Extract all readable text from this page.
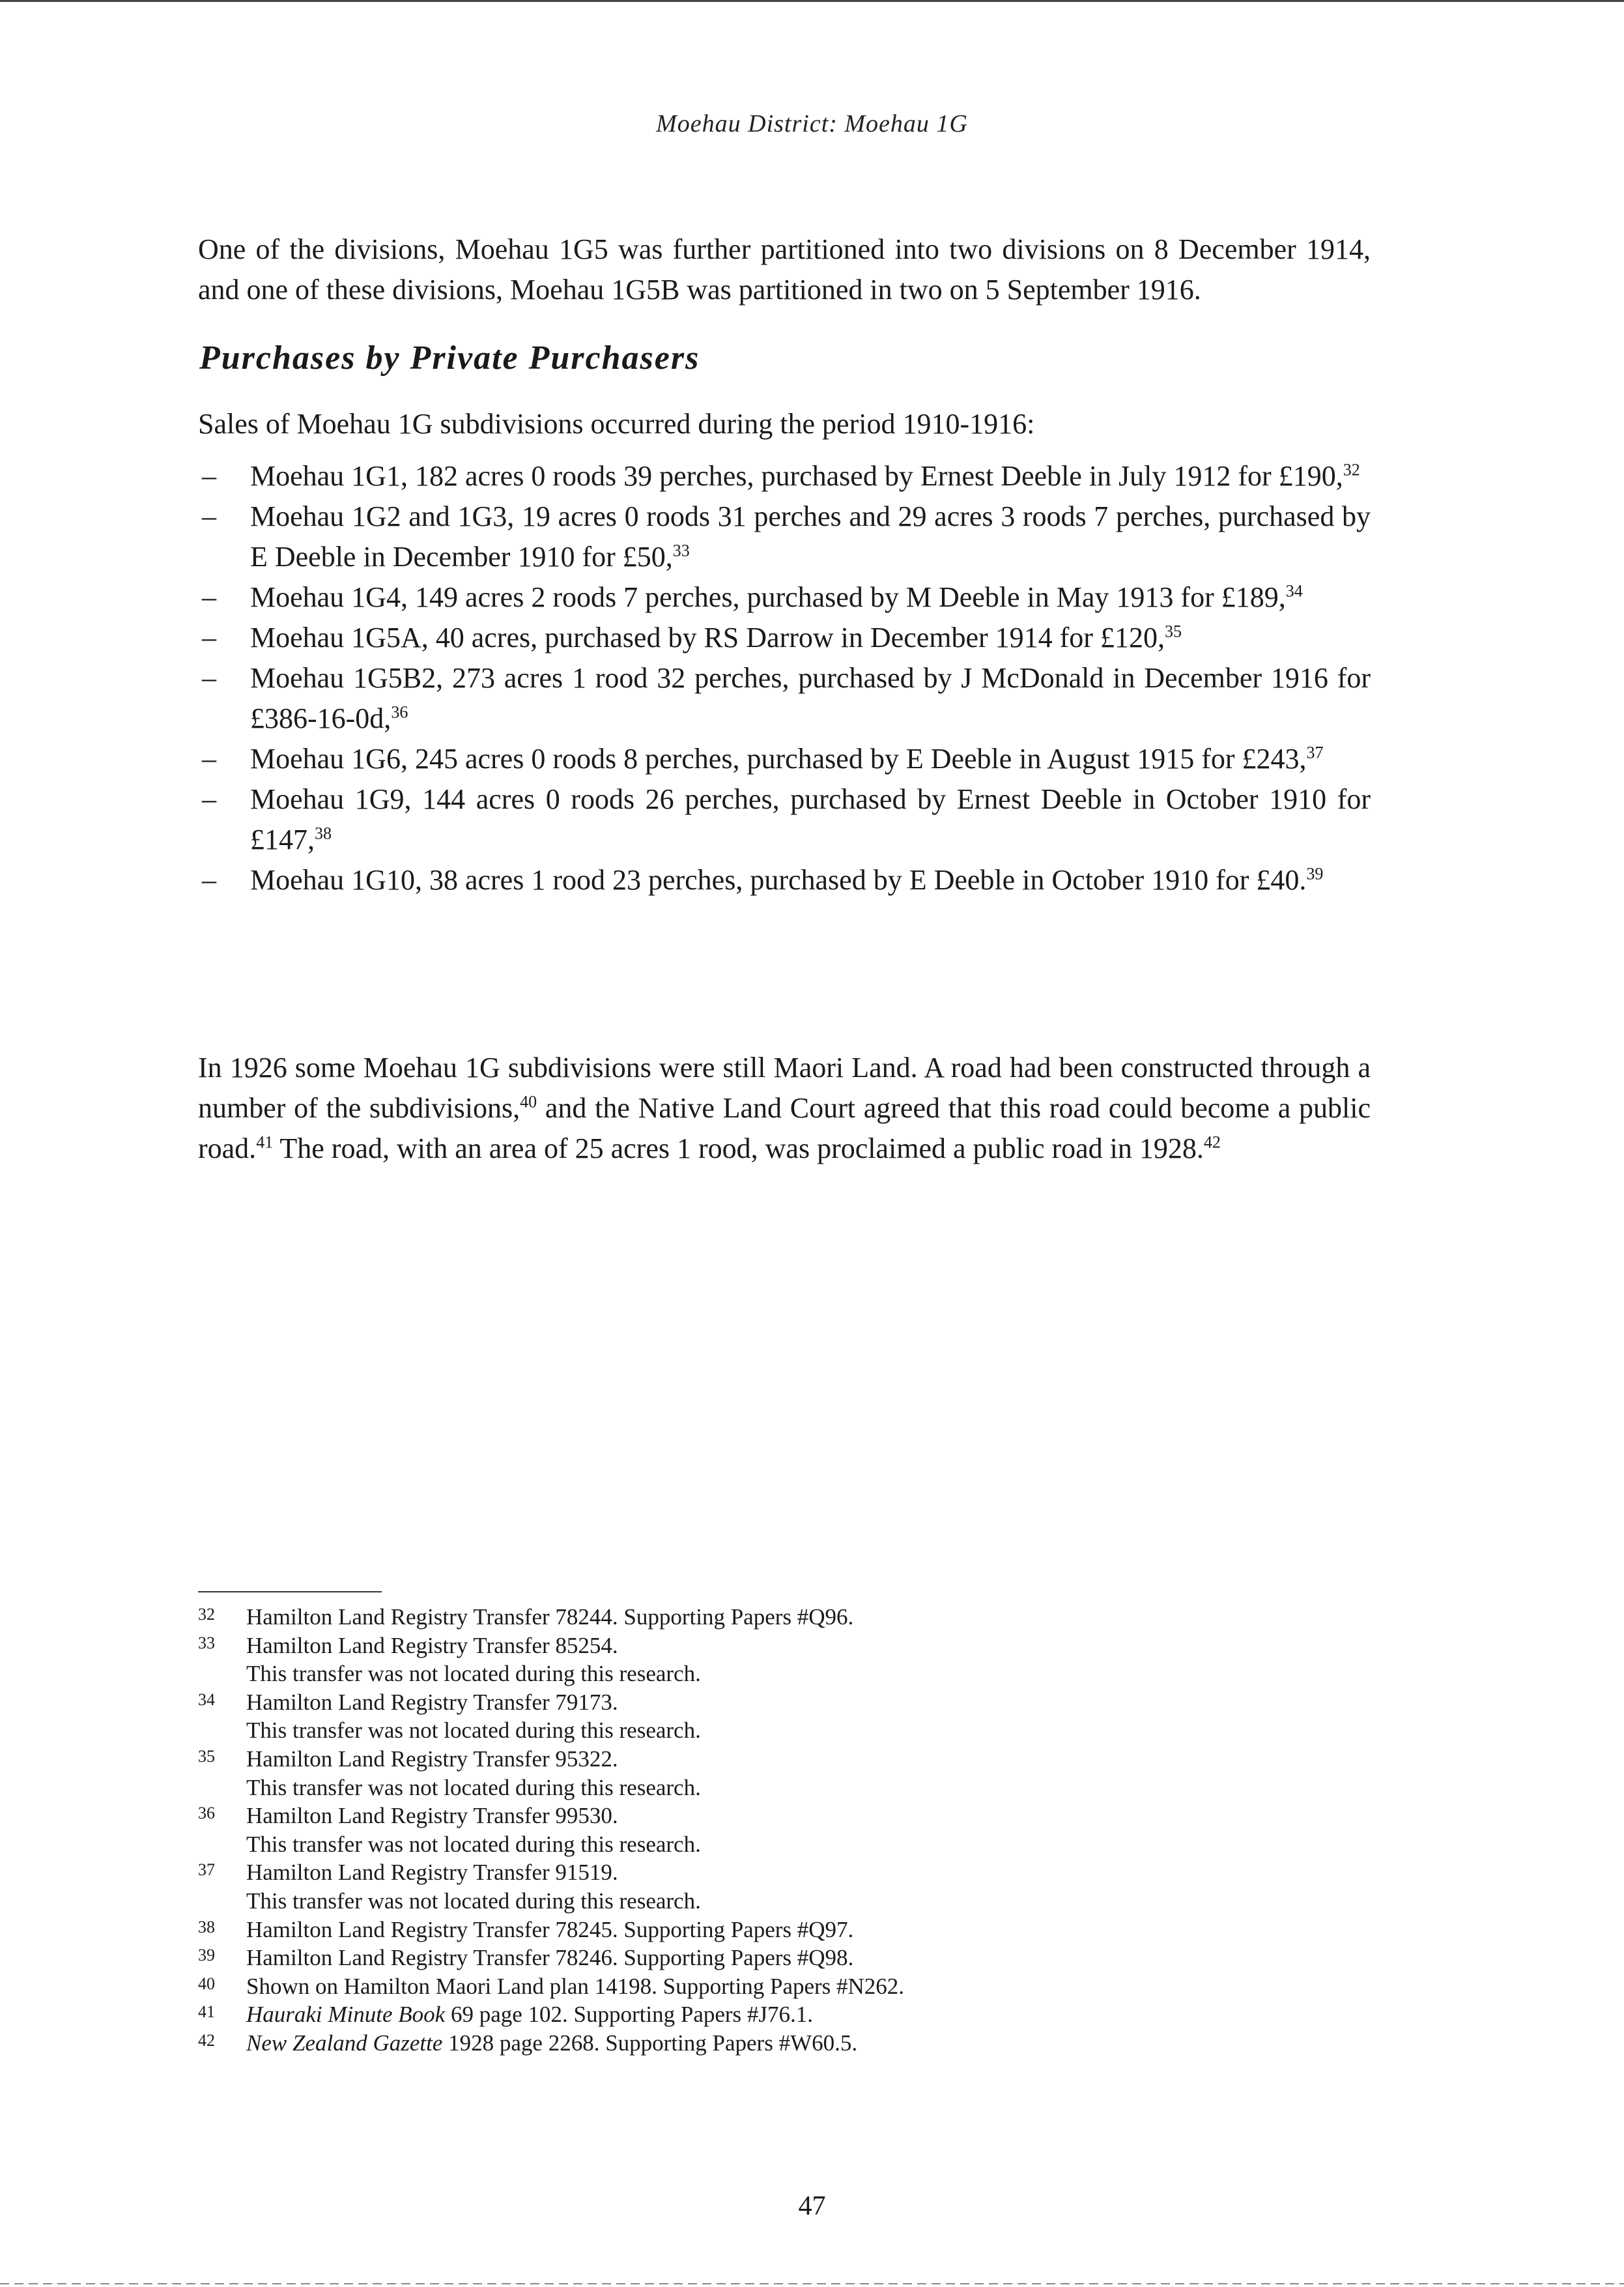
Moehau District: Moehau 1G

One of the divisions, Moehau 1G5 was further partitioned into two divisions on 8 December 1914, and one of these divisions, Moehau 1G5B was partitioned in two on 5 September 1916.

Purchases by Private Purchasers

Sales of Moehau 1G subdivisions occurred during the period 1910-1916:

– Moehau 1G1, 182 acres 0 roods 39 perches, purchased by Ernest Deeble in July 1912 for £190,32
– Moehau 1G2 and 1G3, 19 acres 0 roods 31 perches and 29 acres 3 roods 7 perches, purchased by E Deeble in December 1910 for £50,33
– Moehau 1G4, 149 acres 2 roods 7 perches, purchased by M Deeble in May 1913 for £189,34
– Moehau 1G5A, 40 acres, purchased by RS Darrow in December 1914 for £120,35
– Moehau 1G5B2, 273 acres 1 rood 32 perches, purchased by J McDonald in December 1916 for £386-16-0d,$^{36}$
– Moehau 1G6, 245 acres 0 roods 8 perches, purchased by E Deeble in August 1915 for £243,37
– Moehau 1G9, 144 acres 0 roods 26 perches, purchased by Ernest Deeble in October 1910 for £147,38
– Moehau 1G10, 38 acres 1 rood 23 perches, purchased by E Deeble in October 1910 for £40.39

In 1926 some Moehau 1G subdivisions were still Maori Land. A road had been constructed through a number of the subdivisions,$^{40}$ and the Native Land Court agreed that this road could become a public road.$^{41}$ The road, with an area of 25 acres 1 rood, was proclaimed a public road in 1928.42

32 Hamilton Land Registry Transfer 78244. Supporting Papers #Q96.
33 Hamilton Land Registry Transfer 85254.
This transfer was not located during this research.
34 Hamilton Land Registry Transfer 79173.
This transfer was not located during this research.
35 Hamilton Land Registry Transfer 95322.
This transfer was not located during this research.
36 Hamilton Land Registry Transfer 99530.
This transfer was not located during this research.
37 Hamilton Land Registry Transfer 91519.
This transfer was not located during this research.
38 Hamilton Land Registry Transfer 78245. Supporting Papers #Q97.
39 Hamilton Land Registry Transfer 78246. Supporting Papers #Q98.
40 Shown on Hamilton Maori Land plan 14198. Supporting Papers #N262.
41 Hauraki Minute Book 69 page 102. Supporting Papers #J76.1.
42 New Zealand Gazette 1928 page 2268. Supporting Papers #W60.5.
47
